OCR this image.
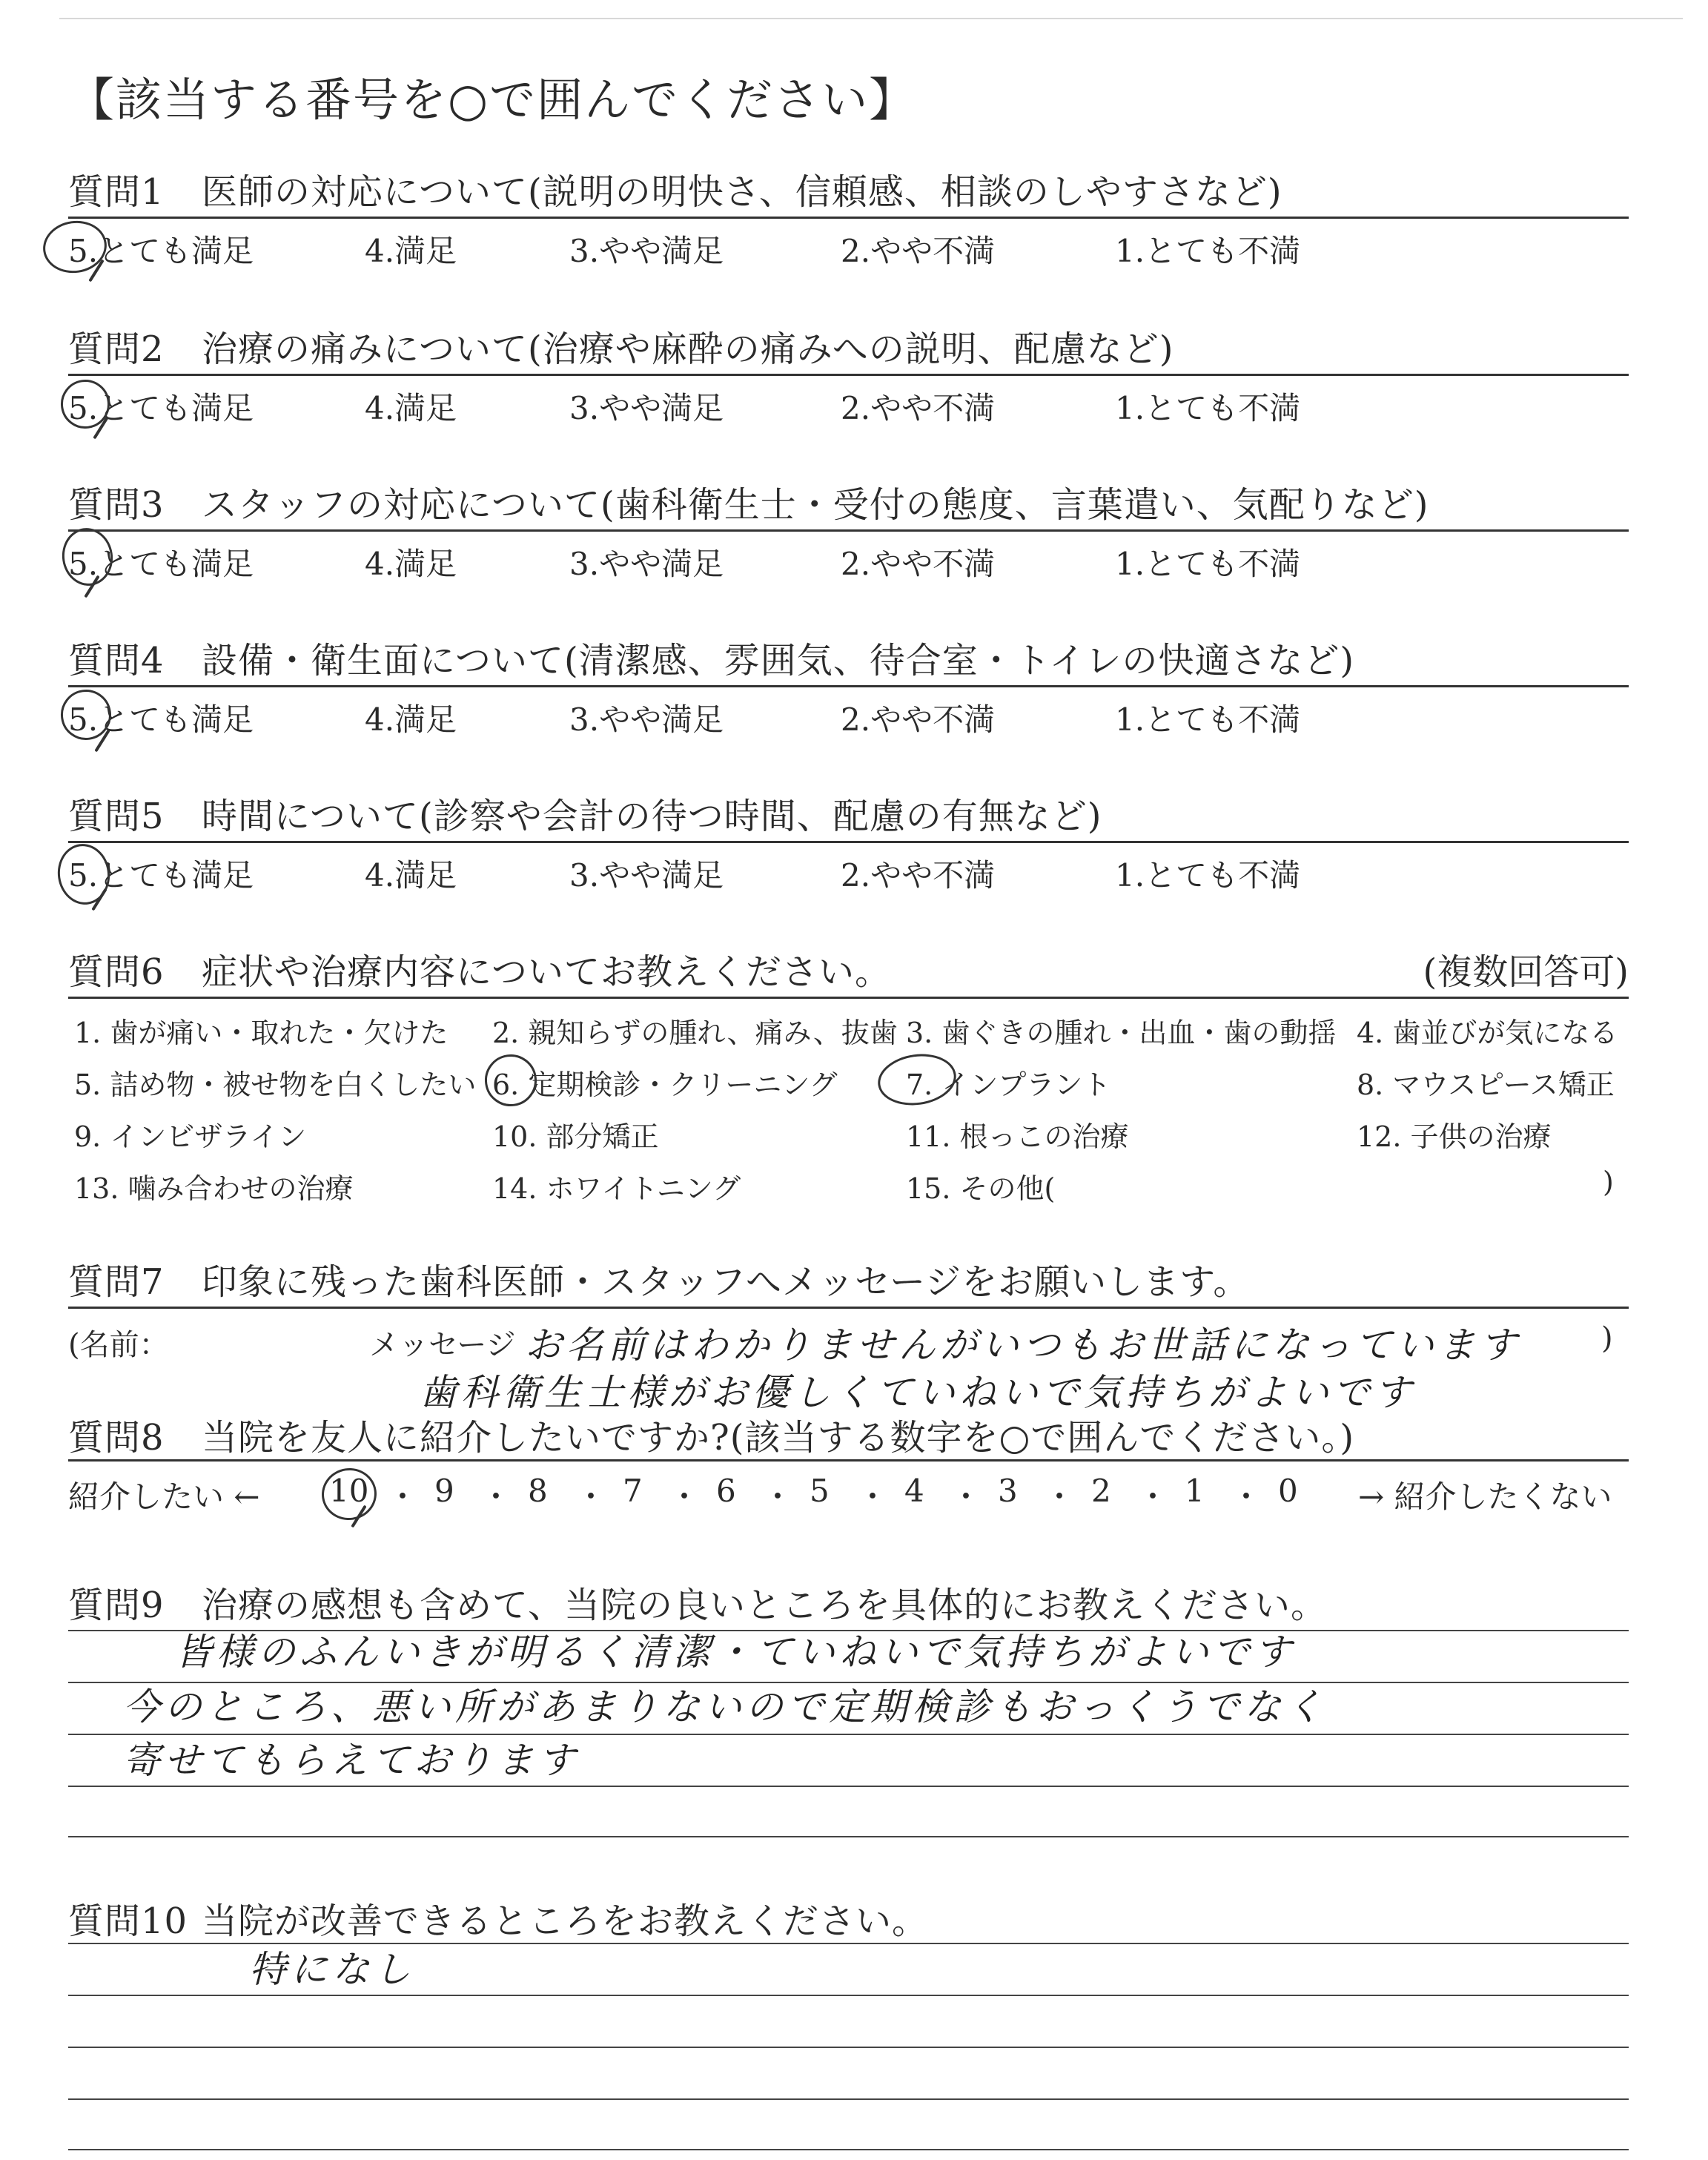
【該当する番号を○で囲んでください】
質問1 医師の対応について(説明の明快さ、信頼感、相談のしやすさなど)
5.とても満足	4.満足	3.やや満足	2.やや不満	1.とても不満
質問2 治療の痛みについて(治療や麻酔の痛みへの説明、配慮など)
5.とても満足	4.満足	3.やや満足	2.やや不満	1.とても不満
質問3 スタッフの対応について(歯科衛生士・受付の態度、言葉遣い、気配りなど)
5.とても満足	4.満足	3.やや満足	2.やや不満	1.とても不満
質問4 設備・衛生面について(清潔感、雰囲気、待合室・トイレの快適さなど)
5.とても満足	4.満足	3.やや満足	2.やや不満	1.とても不満
質問5 時間について(診察や会計の待つ時間、配慮の有無など)
5.とても満足	4.満足	3.やや満足	2.やや不満	1.とても不満
質問6 症状や治療内容についてお教えください。	(複数回答可)
1. 歯が痛い・取れた・欠けた 2. 親知らずの腫れ、痛み、抜歯 3. 歯ぐきの腫れ・出血・歯の動揺 4. 歯並びが気になる
5. 詰め物・被せ物を白くしたい 6. 定期検診・クリーニング 7. インプラント	8. マウスピース矯正
9. インビザライン	10. 部分矯正	11. 根っこの治療	12. 子供の治療
13. 噛み合わせの治療	14. ホワイトニング	15. その他(	)
質問7 印象に残った歯科医師・スタッフへメッセージをお願いします。
(名前：	メッセージ	)
お名前はわかりませんがいつもお世話になっています
歯科衛生士様がお優しくていねいで気持ちがよいです
質問8 当院を友人に紹介したいですか?(該当する数字を○で囲んでください。)
紹介したい ←	→ 紹介したくない
10 ・ 9 ・ 8 ・ 7 ・ 6 ・ 5 ・ 4 ・ 3 ・ 2 ・ 1 ・ 0
質問9 治療の感想も含めて、当院の良いところを具体的にお教えください。
皆様のふんいきが明るく清潔・ていねいで気持ちがよいです
今のところ、悪い所があまりないので定期検診もおっくうでなく
寄せてもらえております
質問10 当院が改善できるところをお教えください。
特になし
